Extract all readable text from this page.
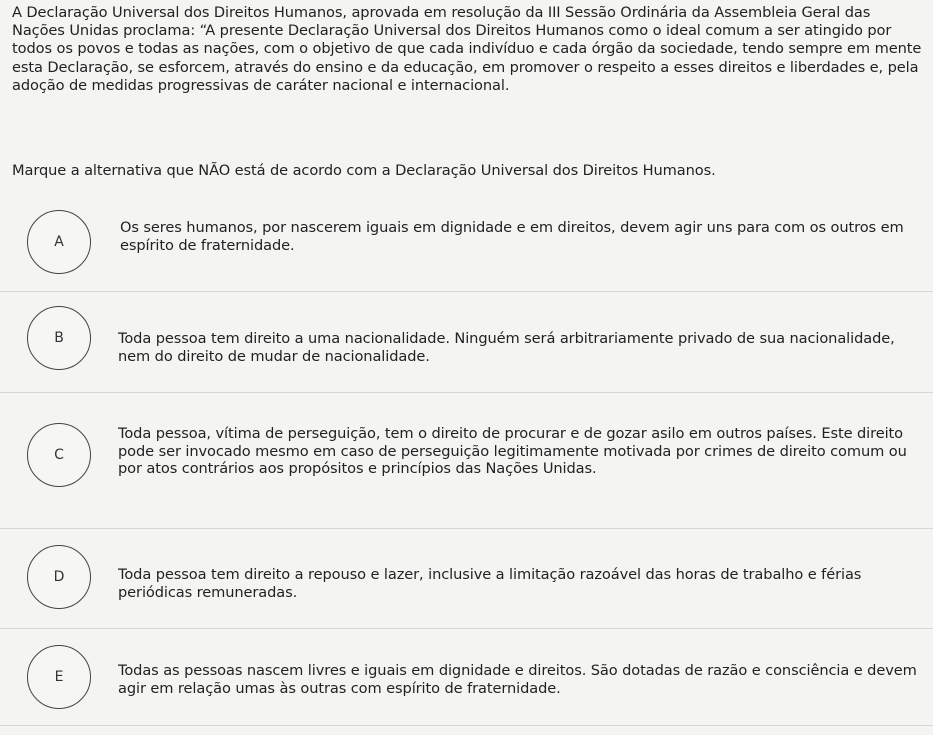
A Declaração Universal dos Direitos Humanos, aprovada em resolução da III Sessão Ordinária da Assembleia Geral das Nações Unidas proclama: “A presente Declaração Universal dos Direitos Humanos como o ideal comum a ser atingido por todos os povos e todas as nações, com o objetivo de que cada indivíduo e cada órgão da sociedade, tendo sempre em mente esta Declaração, se esforcem, através do ensino e da educação, em promover o respeito a esses direitos e liberdades e, pela adoção de medidas progressivas de caráter nacional e internacional.
Marque a alternativa que NÃO está de acordo com a Declaração Universal dos Direitos Humanos.
A
Os seres humanos, por nascerem iguais em dignidade e em direitos, devem agir uns para com os outros em espírito de fraternidade.
B	Toda pessoa tem direito a uma nacionalidade. Ninguém será arbitrariamente privado de sua nacionalidade, nem do direito de mudar de nacionalidade.
C
Toda pessoa, vítima de perseguição, tem o direito de procurar e de gozar asilo em outros países. Este direito pode ser invocado mesmo em caso de perseguição legitimamente motivada por crimes de direito comum ou por atos contrários aos propósitos e princípios das Nações Unidas.
D	Toda pessoa tem direito a repouso e lazer, inclusive a limitação razoável das horas de trabalho e férias periódicas remuneradas.
E	Todas as pessoas nascem livres e iguais em dignidade e direitos. São dotadas de razão e consciência e devem agir em relação umas às outras com espírito de fraternidade.
